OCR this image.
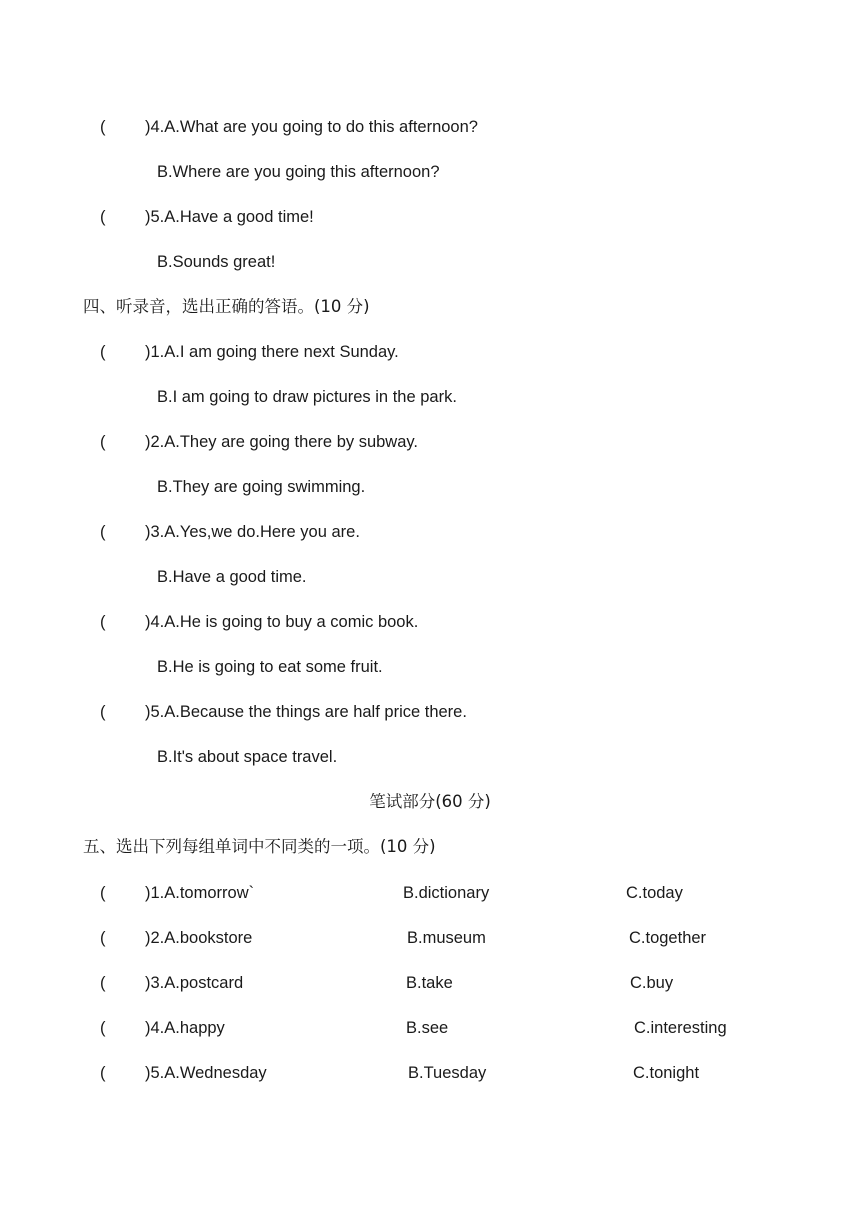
( )4.A.What are you going to do this afternoon?
B.Where are you going this afternoon?
( )5.A.Have a good time!
B.Sounds great!
四、听录音，选出正确的答语。(10 分)
( )1.A.I am going there next Sunday.
B.I am going to draw pictures in the park.
( )2.A.They are going there by subway.
B.They are going swimming.
( )3.A.Yes,we do.Here you are.
B.Have a good time.
( )4.A.He is going to buy a comic book.
B.He is going to eat some fruit.
( )5.A.Because the things are half price there.
B.It's about space travel.
笔试部分(60 分)
五、选出下列每组单词中不同类的一项。(10 分)
( )1.A.tomorrow`	B.dictionary	C.today
( )2.A.bookstore	B.museum	C.together
( )3.A.postcard	B.take	C.buy
( )4.A.happy	B.see	C.interesting
( )5.A.Wednesday	B.Tuesday	C.tonight
